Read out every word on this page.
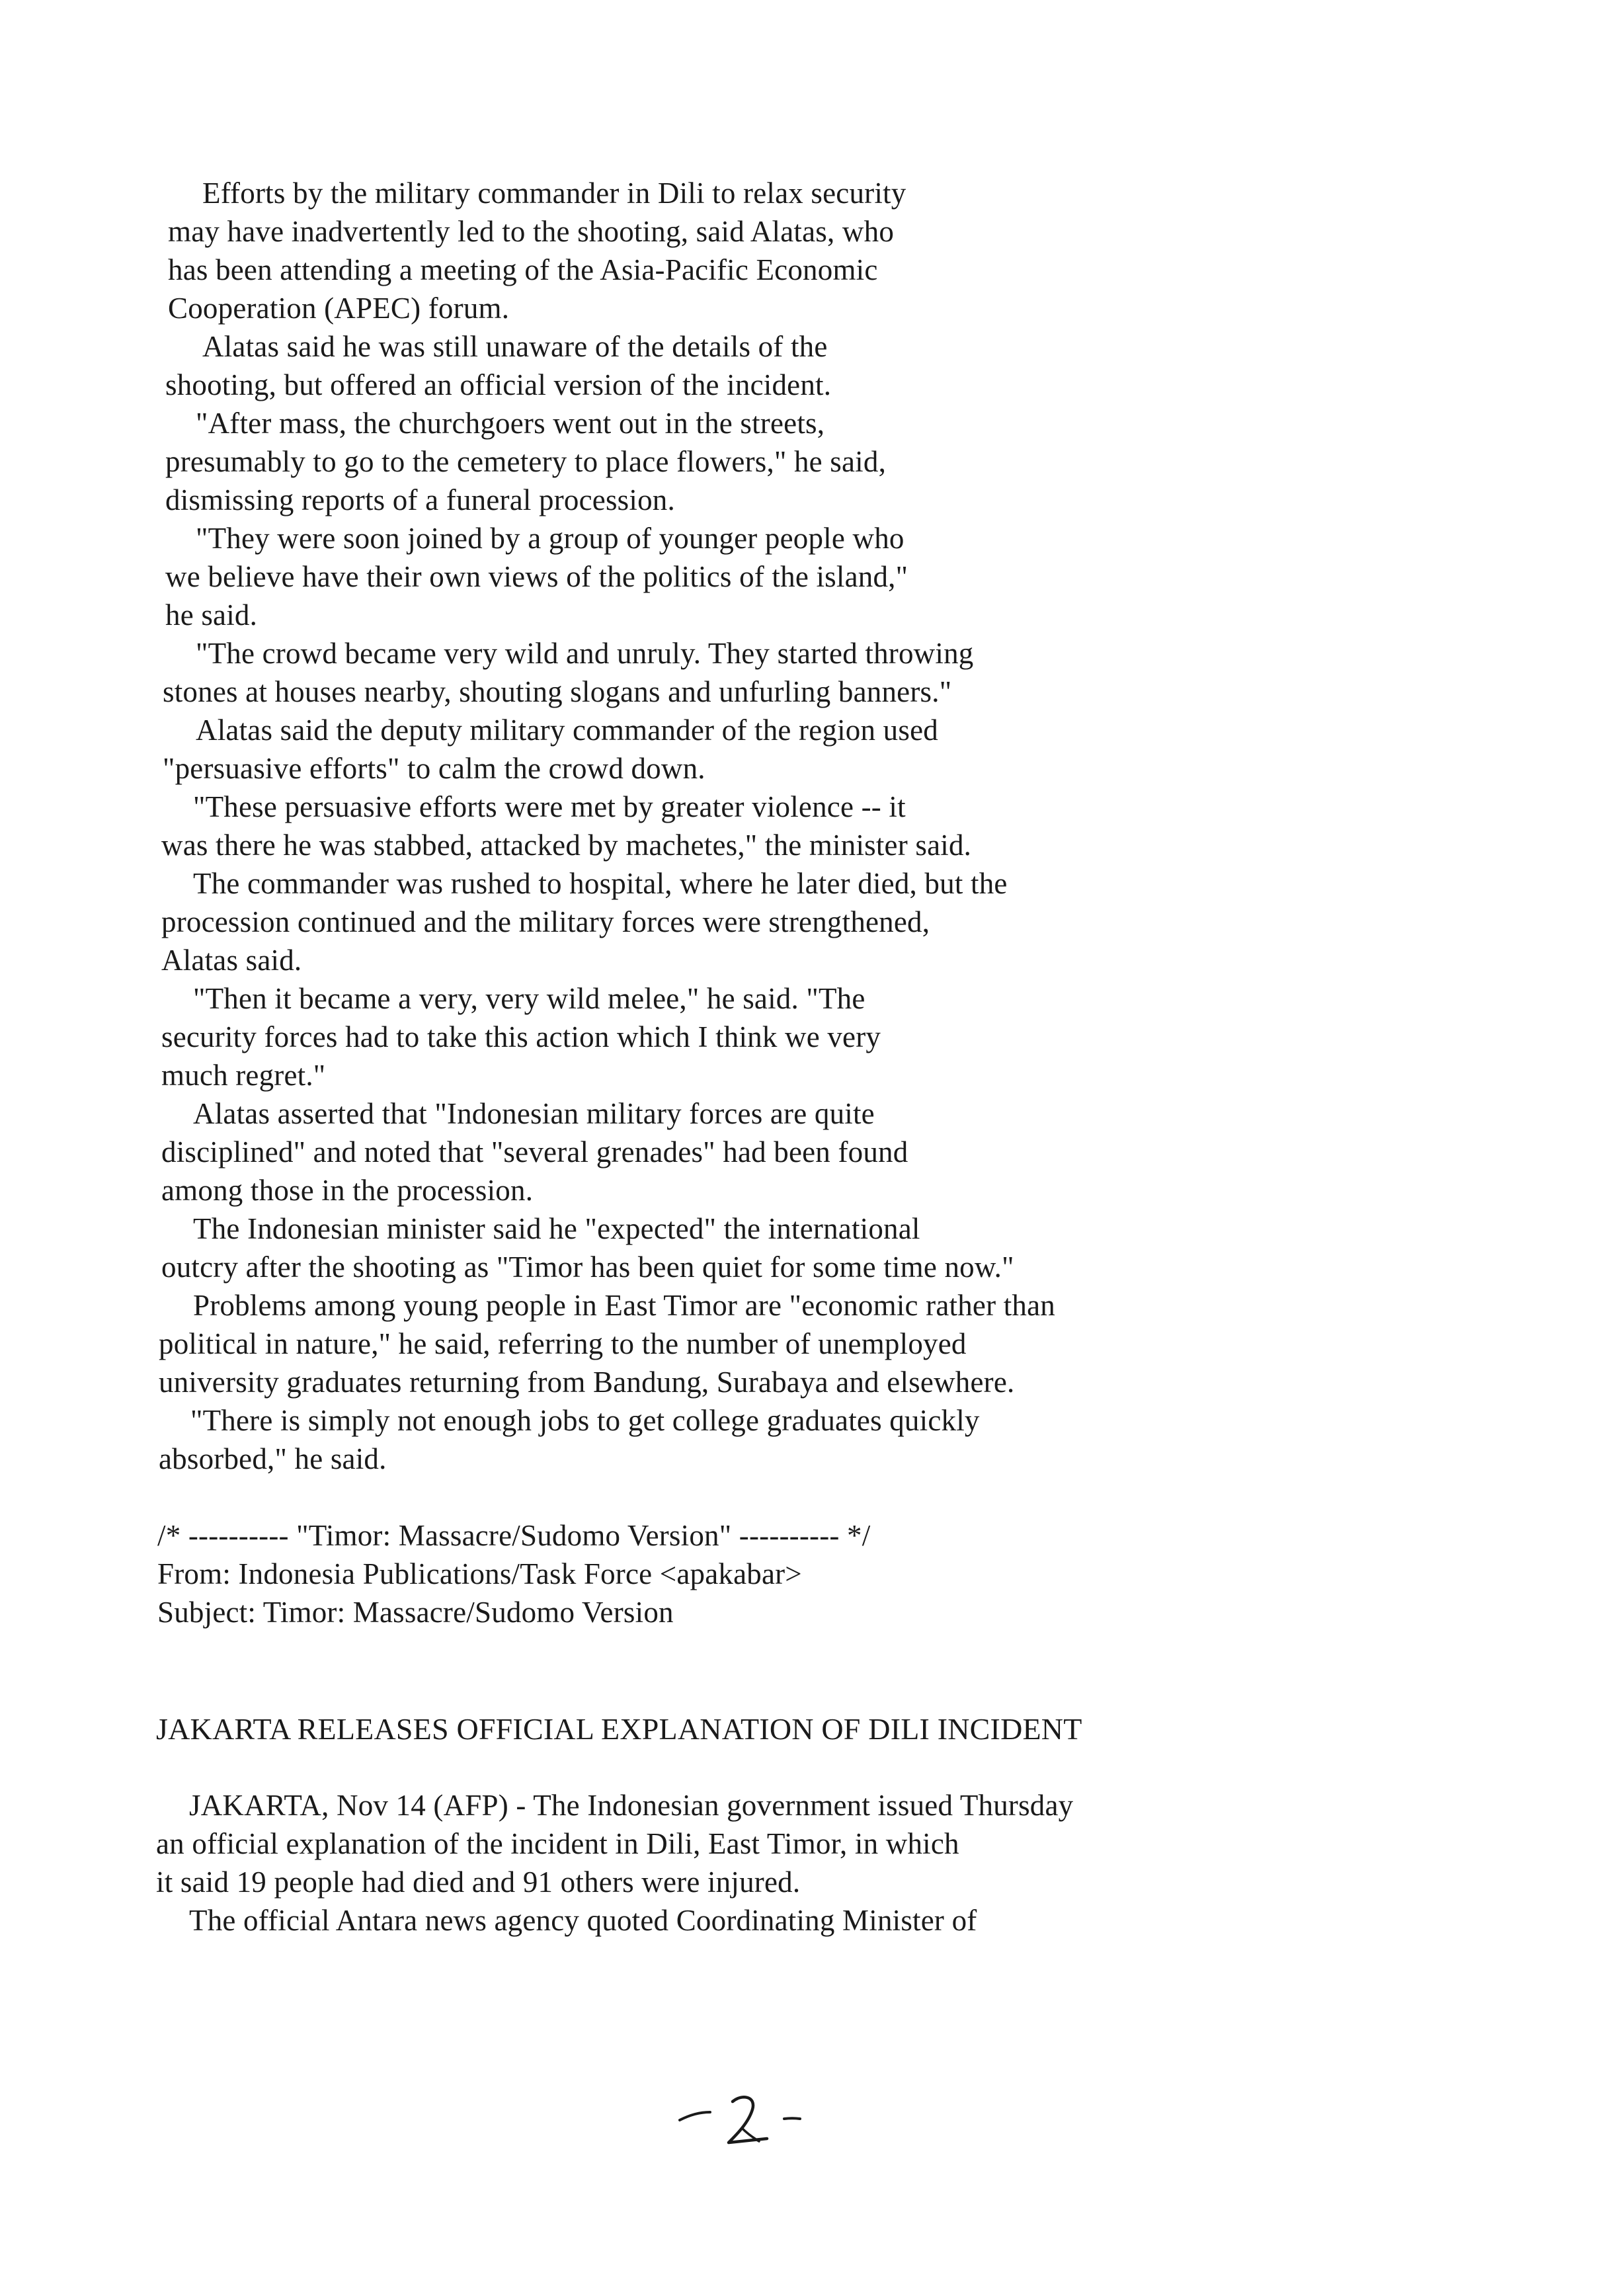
Efforts by the military commander in Dili to relax security
may have inadvertently led to the shooting, said Alatas, who
has been attending a meeting of the Asia-Pacific Economic
Cooperation (APEC) forum.
Alatas said he was still unaware of the details of the
shooting, but offered an official version of the incident.
"After mass, the churchgoers went out in the streets,
presumably to go to the cemetery to place flowers," he said,
dismissing reports of a funeral procession.
"They were soon joined by a group of younger people who
we believe have their own views of the politics of the island,"
he said.
"The crowd became very wild and unruly. They started throwing
stones at houses nearby, shouting slogans and unfurling banners."
Alatas said the deputy military commander of the region used
"persuasive efforts" to calm the crowd down.
"These persuasive efforts were met by greater violence -- it
was there he was stabbed, attacked by machetes," the minister said.
The commander was rushed to hospital, where he later died, but the
procession continued and the military forces were strengthened,
Alatas said.
"Then it became a very, very wild melee," he said. "The
security forces had to take this action which I think we very
much regret."
Alatas asserted that "Indonesian military forces are quite
disciplined" and noted that "several grenades" had been found
among those in the procession.
The Indonesian minister said he "expected" the international
outcry after the shooting as "Timor has been quiet for some time now."
Problems among young people in East Timor are "economic rather than
political in nature," he said, referring to the number of unemployed
university graduates returning from Bandung, Surabaya and elsewhere.
"There is simply not enough jobs to get college graduates quickly
absorbed," he said.
/* ---------- "Timor: Massacre/Sudomo Version" ---------- */
From: Indonesia Publications/Task Force <apakabar>
Subject: Timor: Massacre/Sudomo Version
JAKARTA RELEASES OFFICIAL EXPLANATION OF DILI INCIDENT
JAKARTA, Nov 14 (AFP) - The Indonesian government issued Thursday
an official explanation of the incident in Dili, East Timor, in which
it said 19 people had died and 91 others were injured.
The official Antara news agency quoted Coordinating Minister of
